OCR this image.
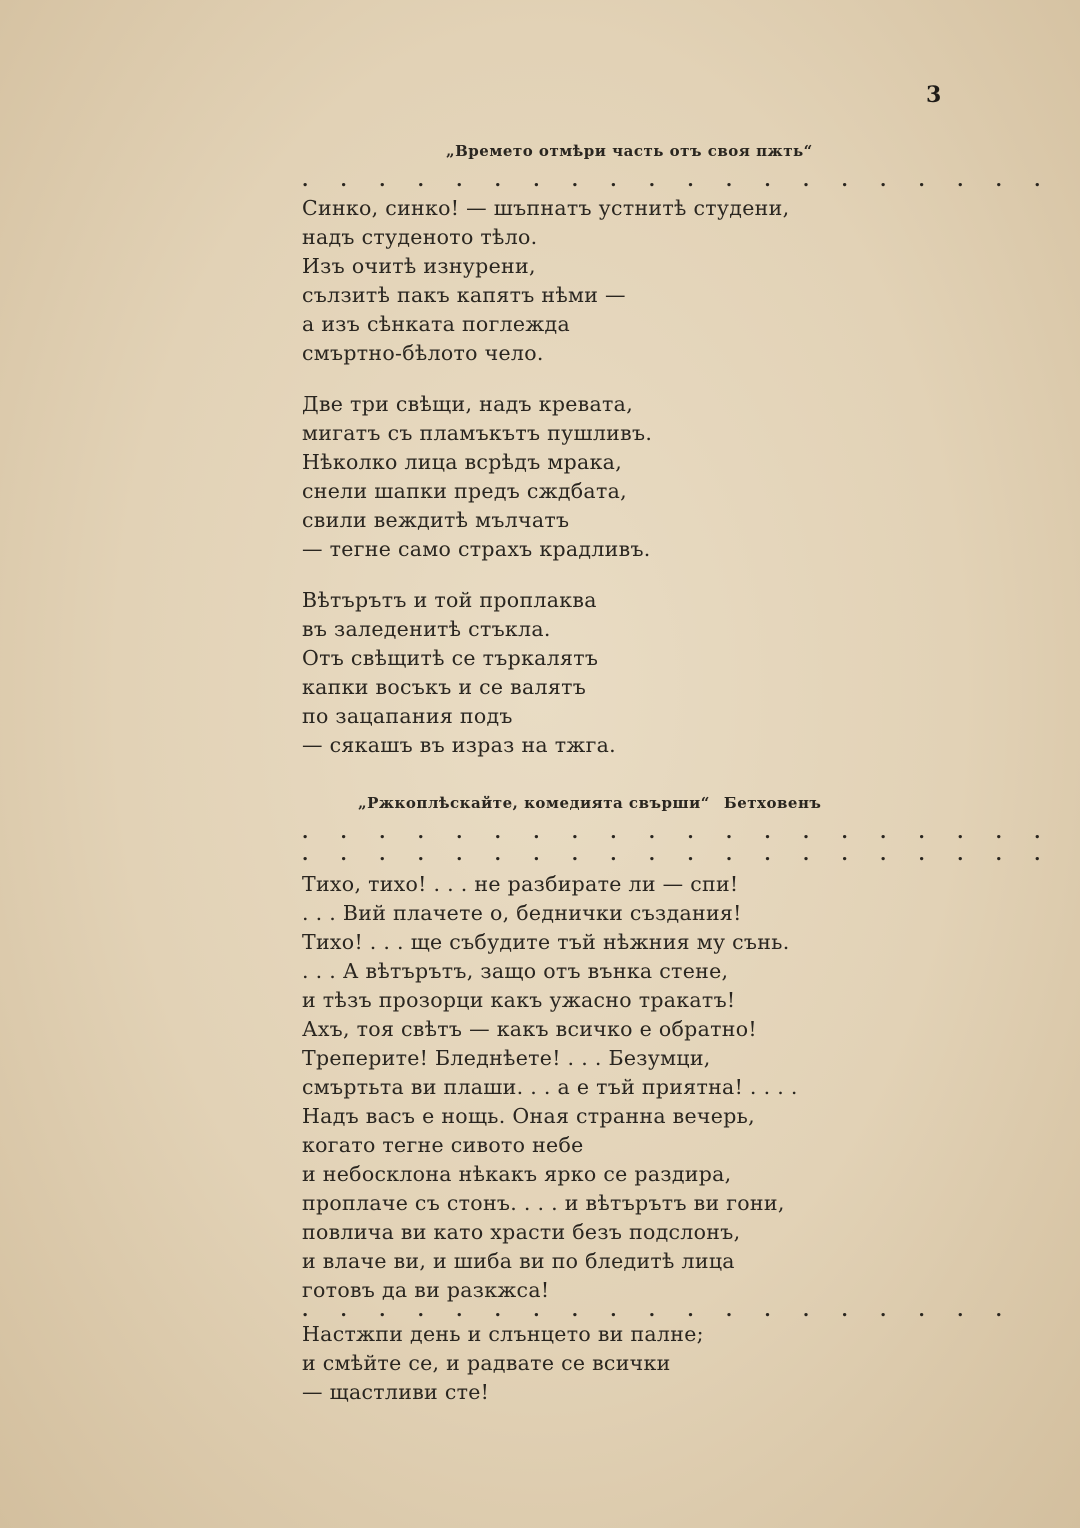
3
„Времето отмѣри часть отъ своя пжть“
. . . . . . . . . . . . . . . . . . . .
Синко, синко! — шъпнатъ устнитѣ студени,
надъ студеното тѣло.
Изъ очитѣ изнурени,
сълзитѣ пакъ капятъ нѣми —
а изъ сѣнката поглежда
смъртно-бѣлото чело.
Две три свѣщи, надъ кревата,
мигатъ съ пламъкътъ пушливъ.
Нѣколко лица всрѣдъ мрака,
снели шапки предъ сждбата,
свили веждитѣ мълчатъ
— тегне само страхъ крадливъ.
Вѣтърътъ и той проплаква
въ заледенитѣ стъкла.
Отъ свѣщитѣ се търкалятъ
капки восъкъ и се валятъ
по зацапания подъ
— сякашъ въ израз на тжга.
„Ржкоплѣскайте, комедията свърши“ Бетховенъ
. . . . . . . . . . . . . . . . . . . .
. . . . . . . . . . . . . . . . . . . .
Тихо, тихо! . . . не разбирате ли — спи!
. . . Вий плачете о, беднички създания!
Тихо! . . . ще събудите тъй нѣжния му сънь.
. . . А вѣтърътъ, защо отъ вънка стене,
и тѣзъ прозорци какъ ужасно тракатъ!
Ахъ, тоя свѣтъ — какъ всичко е обратно!
Треперите! Бледнѣете! . . . Безумци,
смъртьта ви плаши. . . а е тъй приятна! . . . .
Надъ васъ е нощь. Оная странна вечерь,
когато тегне сивото небе
и небосклона нѣкакъ ярко се раздира,
проплаче съ стонъ. . . . и вѣтърътъ ви гони,
повлича ви като храсти безъ подслонъ,
и влаче ви, и шиба ви по бледитѣ лица
готовъ да ви разкжса!
. . . . . . . . . . . . . . . . . . .
Настжпи день и слънцето ви палне;
и смѣйте се, и радвате се всички
— щастливи сте!
